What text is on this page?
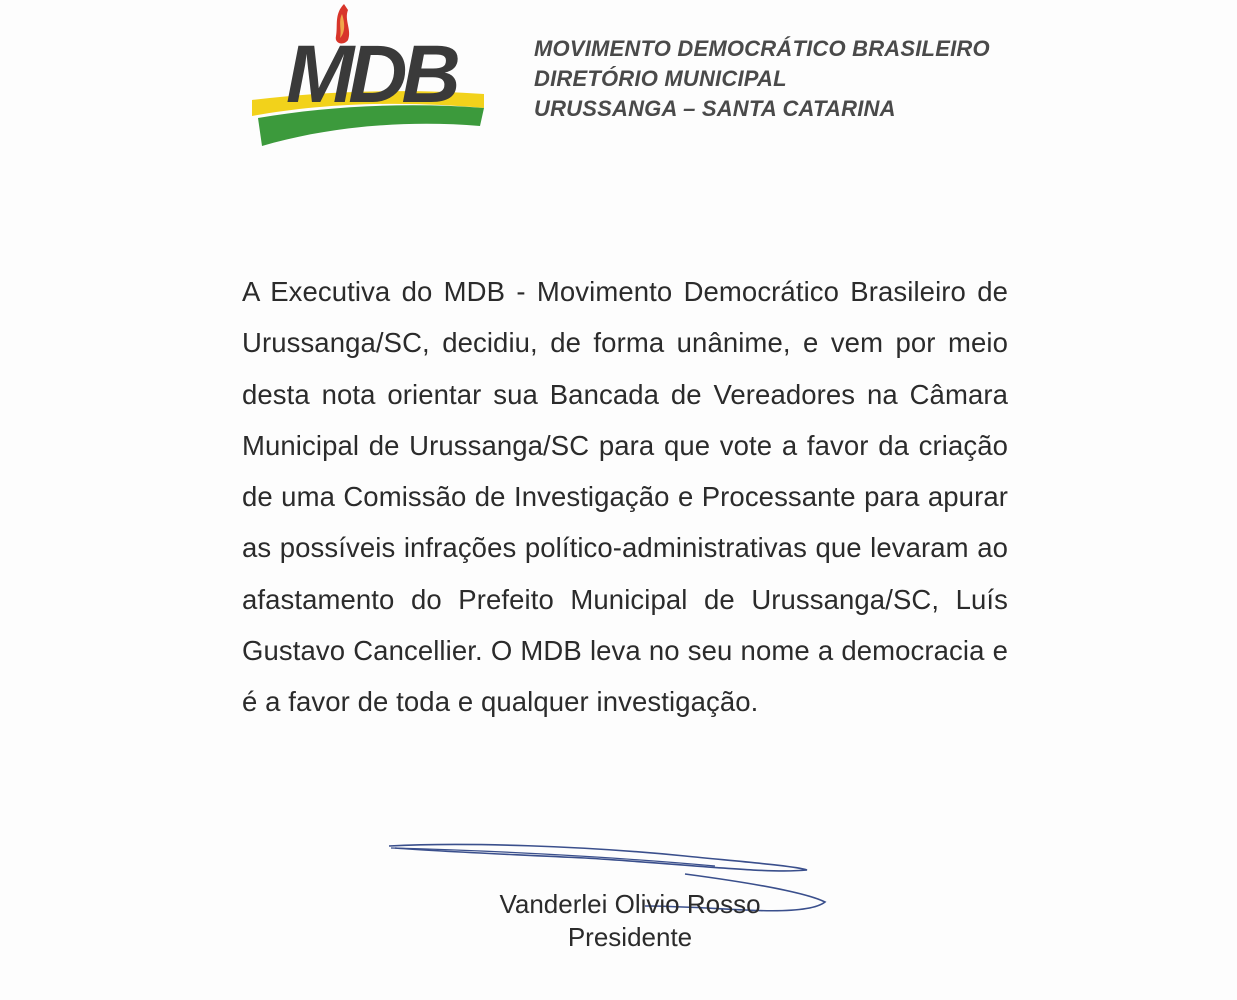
MDB	MOVIMENTO DEMOCRÁTICO BRASILEIRO
DIRETÓRIO MUNICIPAL
URUSSANGA – SANTA CATARINA
A Executiva do MDB - Movimento Democrático Brasileiro de Urussanga/SC, decidiu, de forma unânime, e vem por meio desta nota orientar sua Bancada de Vereadores na Câmara Municipal de Urussanga/SC para que vote a favor da criação de uma Comissão de Investigação e Processante para apurar as possíveis infrações político-administrativas que levaram ao afastamento do Prefeito Municipal de Urussanga/SC, Luís Gustavo Cancellier. O MDB leva no seu nome a democracia e é a favor de toda e qualquer investigação.
Vanderlei Olivio Rosso
Presidente
